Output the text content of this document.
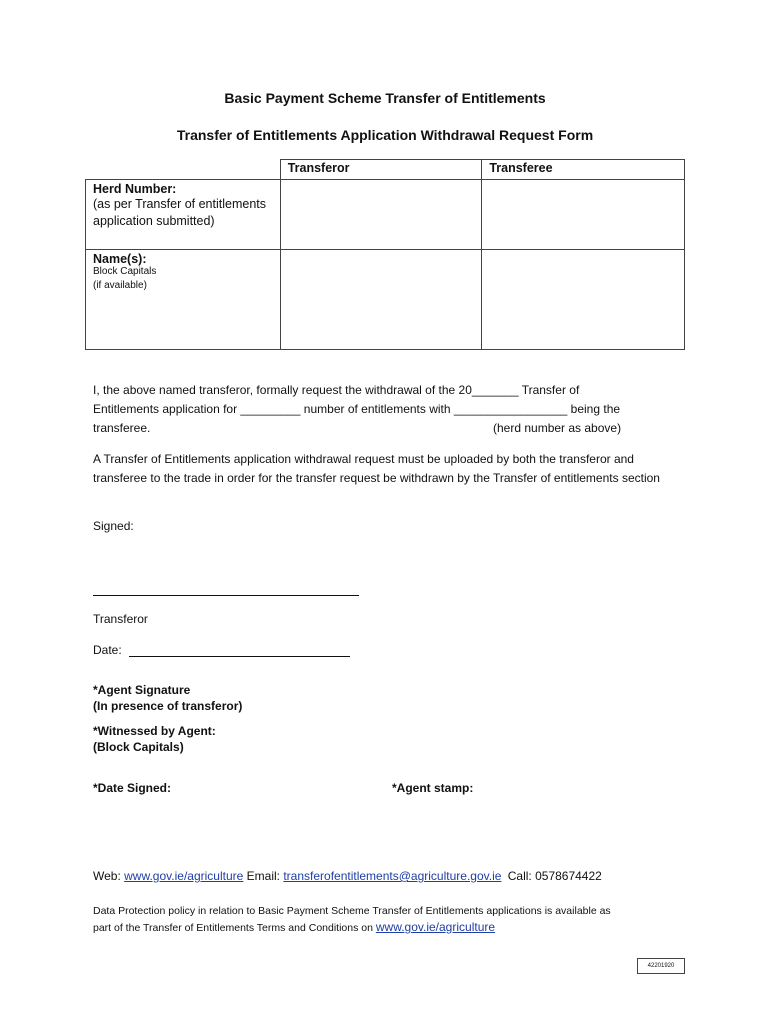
Basic Payment Scheme Transfer of Entitlements
Transfer of Entitlements Application Withdrawal Request Form
	Transferor	Transferee

Herd Number:
(as per Transfer of entitlements application submitted)		

Name(s):
Block Capitals
(if available)		

I, the above named transferor, formally request the withdrawal of the 20_______ Transfer of
Entitlements application for _________ number of entitlements with _________________ being the
transferee.	(herd number as above)
A Transfer of Entitlements application withdrawal request must be uploaded by both the transferor and transferee to the trade in order for the transfer request be withdrawn by the Transfer of entitlements section
Signed:
Transferor
Date:
*Agent Signature
(In presence of transferor)
*Witnessed by Agent:
(Block Capitals)
*Date Signed:	*Agent stamp:
Web: www.gov.ie/agriculture Email: transferofentitlements@agriculture.gov.ie Call: 0578674422
Data Protection policy in relation to Basic Payment Scheme Transfer of Entitlements applications is available as
part of the Transfer of Entitlements Terms and Conditions on www.gov.ie/agriculture
42201920
